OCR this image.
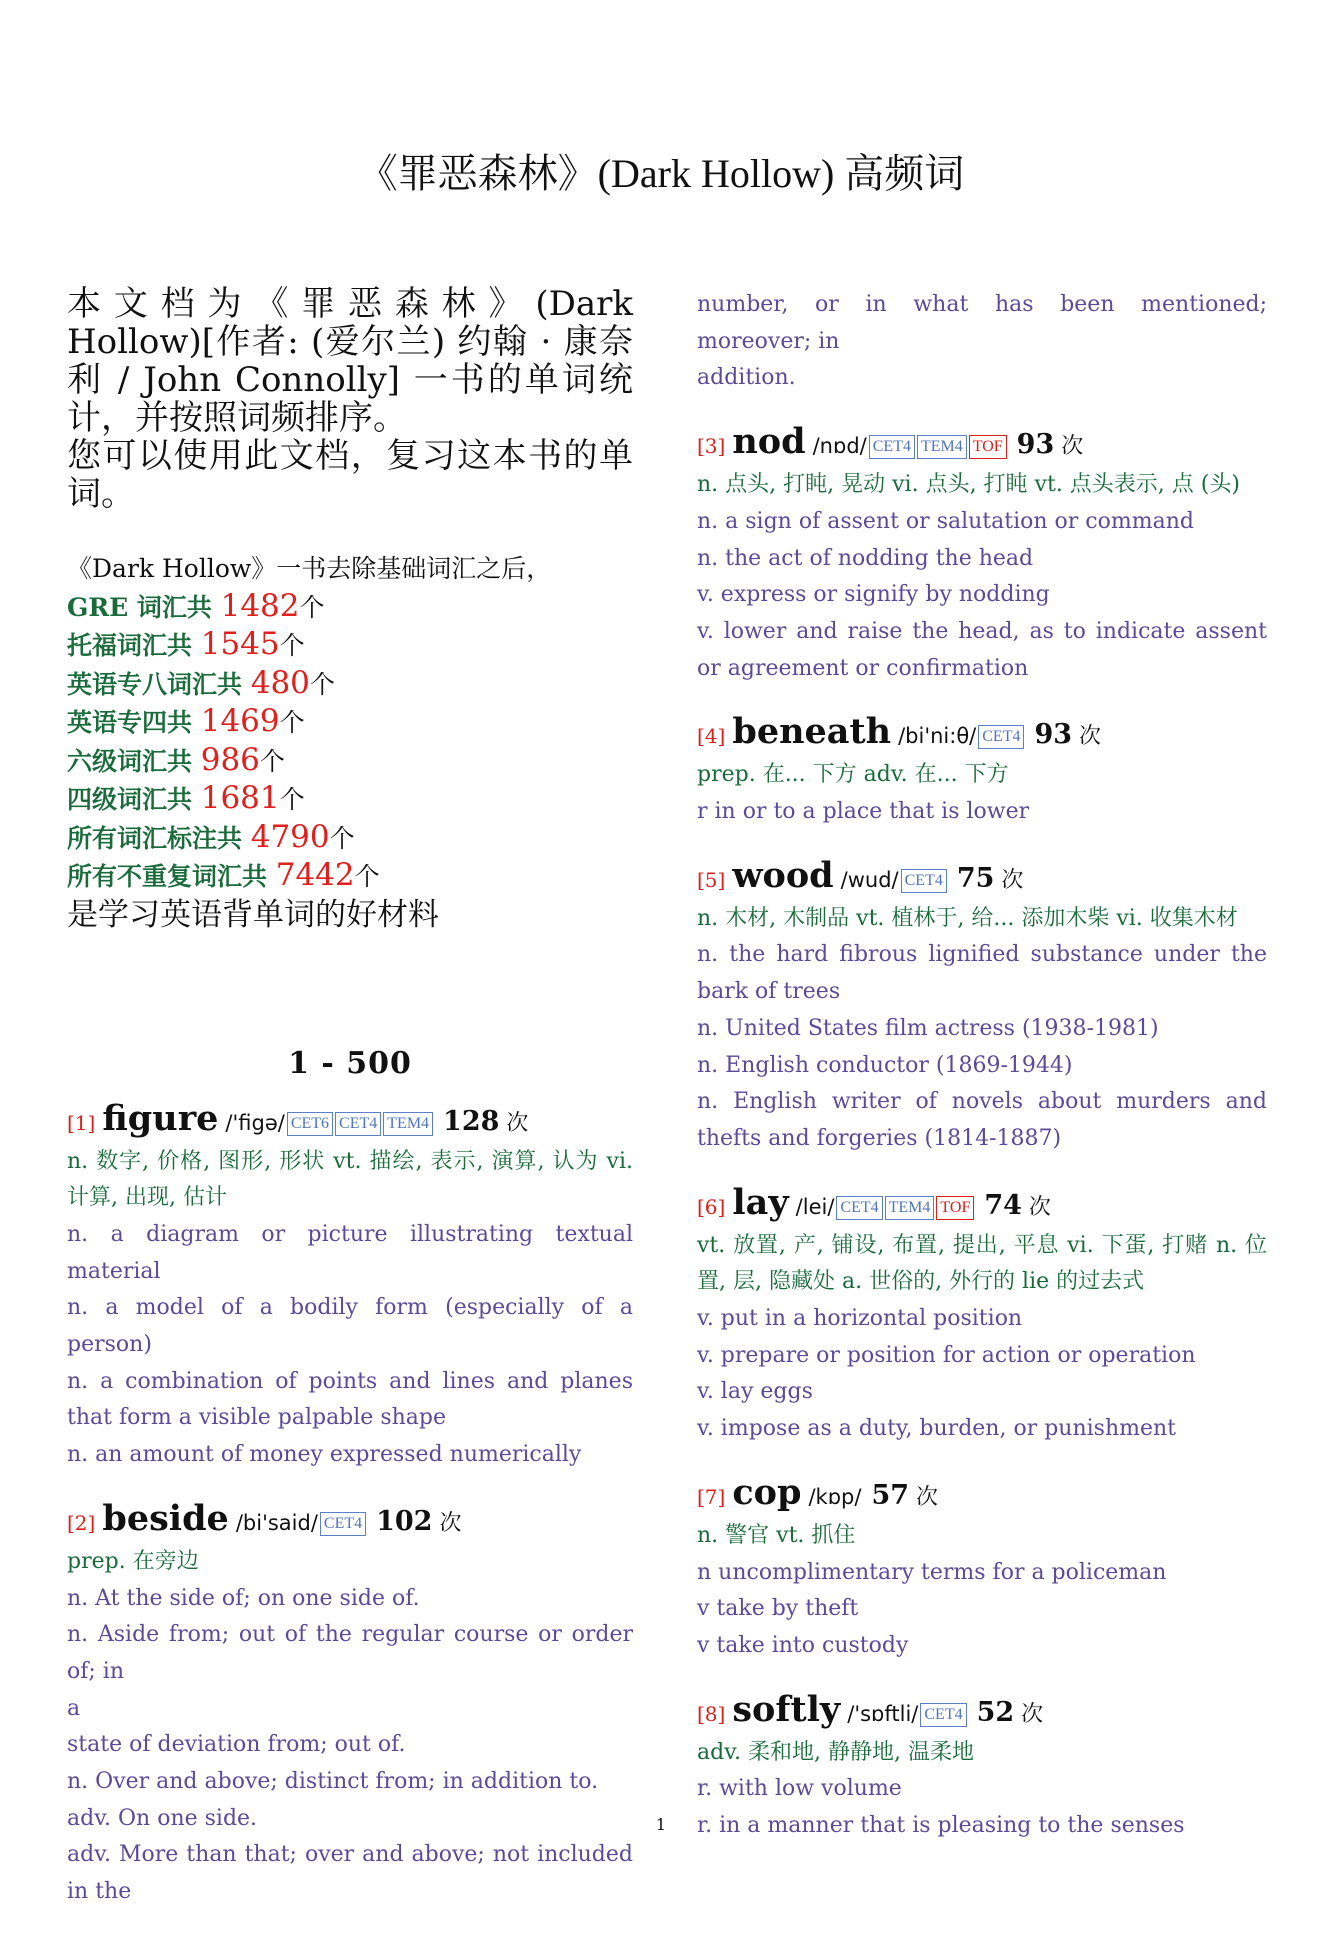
《罪恶森林》(Dark Hollow) 高频词

本文档为《罪恶森林》(Dark Hollow)[作者: (爱尔兰) 约翰 · 康奈利 / John Connolly] 一书的单词统计，并按照词频排序。

您可以使用此文档，复习这本书的单词。

《Dark Hollow》一书去除基础词汇之后，
GRE 词汇共 1482个
托福词汇共 1545个
英语专八词汇共 480个
英语专四共 1469个
六级词汇共 986个
四级词汇共 1681个
所有词汇标注共 4790个
所有不重复词汇共 7442个
是学习英语背单词的好材料
1 - 500
[1] figure /'figə/ CET6 CET4 TEM4 128 次
n. 数字, 价格, 图形, 形状 vt. 描绘, 表示, 演算, 认为 vi. 计算, 出现, 估计
n. a diagram or picture illustrating textual material
n. a model of a bodily form (especially of a person)
n. a combination of points and lines and planes that form a visible palpable shape
n. an amount of money expressed numerically
[2] beside /bi'said/ CET4 102 次
prep. 在旁边
n. At the side of; on one side of.
n. Aside from; out of the regular course or order of; in
a
state of deviation from; out of.
n. Over and above; distinct from; in addition to.
adv. On one side.
adv. More than that; over and above; not included in the
number, or in what has been mentioned; moreover; in
addition.
[3] nod /nɒd/ CET4 TEM4 TOF 93 次
n. 点头, 打盹, 晃动 vi. 点头, 打盹 vt. 点头表示, 点 (头)
n. a sign of assent or salutation or command
n. the act of nodding the head
v. express or signify by nodding
v. lower and raise the head, as to indicate assent or agreement or confirmation
[4] beneath /bi'ni:θ/ CET4 93 次
prep. 在... 下方 adv. 在... 下方
r in or to a place that is lower
[5] wood /wud/ CET4 75 次
n. 木材, 木制品 vt. 植林于, 给... 添加木柴 vi. 收集木材
n. the hard fibrous lignified substance under the bark of trees
n. United States film actress (1938-1981)
n. English conductor (1869-1944)
n. English writer of novels about murders and thefts and forgeries (1814-1887)
[6] lay /lei/ CET4 TEM4 TOF 74 次
vt. 放置, 产, 铺设, 布置, 提出, 平息 vi. 下蛋, 打赌 n. 位置, 层, 隐藏处 a. 世俗的, 外行的 lie 的过去式
v. put in a horizontal position
v. prepare or position for action or operation
v. lay eggs
v. impose as a duty, burden, or punishment
[7] cop /kɒp/ 57 次
n. 警官 vt. 抓住
n uncomplimentary terms for a policeman
v take by theft
v take into custody
[8] softly /'sɒftli/ CET4 52 次
adv. 柔和地, 静静地, 温柔地
r. with low volume
r. in a manner that is pleasing to the senses
1
